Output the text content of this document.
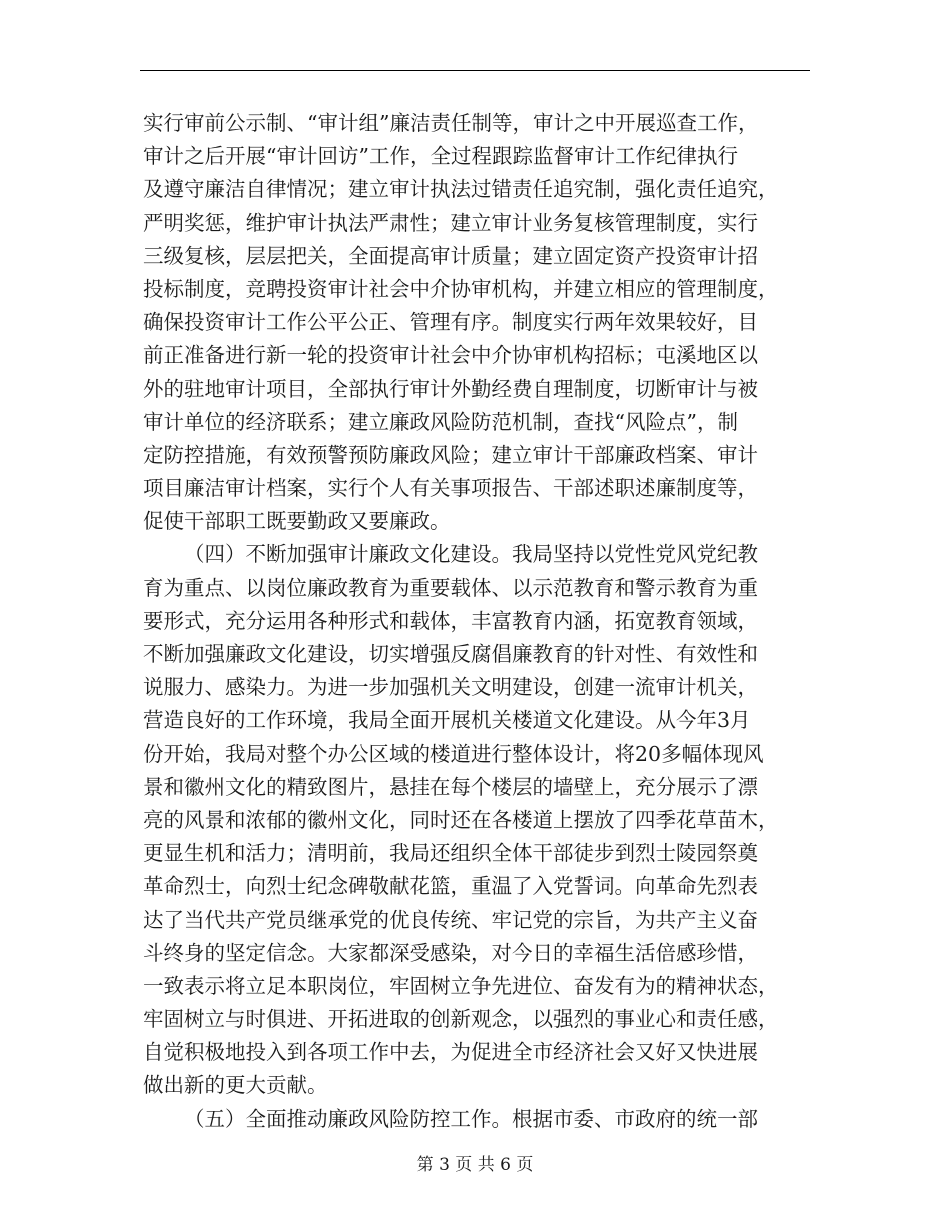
实行审前公示制、“审计组”廉洁责任制等，审计之中开展巡查工作，
审计之后开展“审计回访”工作，全过程跟踪监督审计工作纪律执行
及遵守廉洁自律情况；建立审计执法过错责任追究制，强化责任追究，
严明奖惩，维护审计执法严肃性；建立审计业务复核管理制度，实行
三级复核，层层把关，全面提高审计质量；建立固定资产投资审计招
投标制度，竞聘投资审计社会中介协审机构，并建立相应的管理制度，
确保投资审计工作公平公正、管理有序。制度实行两年效果较好，目
前正准备进行新一轮的投资审计社会中介协审机构招标；屯溪地区以
外的驻地审计项目，全部执行审计外勤经费自理制度，切断审计与被
审计单位的经济联系；建立廉政风险防范机制，查找“风险点”，制
定防控措施，有效预警预防廉政风险；建立审计干部廉政档案、审计
项目廉洁审计档案，实行个人有关事项报告、干部述职述廉制度等，
促使干部职工既要勤政又要廉政。
（四）不断加强审计廉政文化建设。我局坚持以党性党风党纪教
育为重点、以岗位廉政教育为重要载体、以示范教育和警示教育为重
要形式，充分运用各种形式和载体，丰富教育内涵，拓宽教育领域，
不断加强廉政文化建设，切实增强反腐倡廉教育的针对性、有效性和
说服力、感染力。为进一步加强机关文明建设，创建一流审计机关，
营造良好的工作环境，我局全面开展机关楼道文化建设。从今年3月
份开始，我局对整个办公区域的楼道进行整体设计，将20多幅体现风
景和徽州文化的精致图片，悬挂在每个楼层的墙壁上，充分展示了漂
亮的风景和浓郁的徽州文化，同时还在各楼道上摆放了四季花草苗木，
更显生机和活力；清明前，我局还组织全体干部徒步到烈士陵园祭奠
革命烈士，向烈士纪念碑敬献花篮，重温了入党誓词。向革命先烈表
达了当代共产党员继承党的优良传统、牢记党的宗旨，为共产主义奋
斗终身的坚定信念。大家都深受感染，对今日的幸福生活倍感珍惜，
一致表示将立足本职岗位，牢固树立争先进位、奋发有为的精神状态，
牢固树立与时俱进、开拓进取的创新观念，以强烈的事业心和责任感，
自觉积极地投入到各项工作中去，为促进全市经济社会又好又快进展
做出新的更大贡献。
（五）全面推动廉政风险防控工作。根据市委、市政府的统一部
第 3 页 共 6 页
